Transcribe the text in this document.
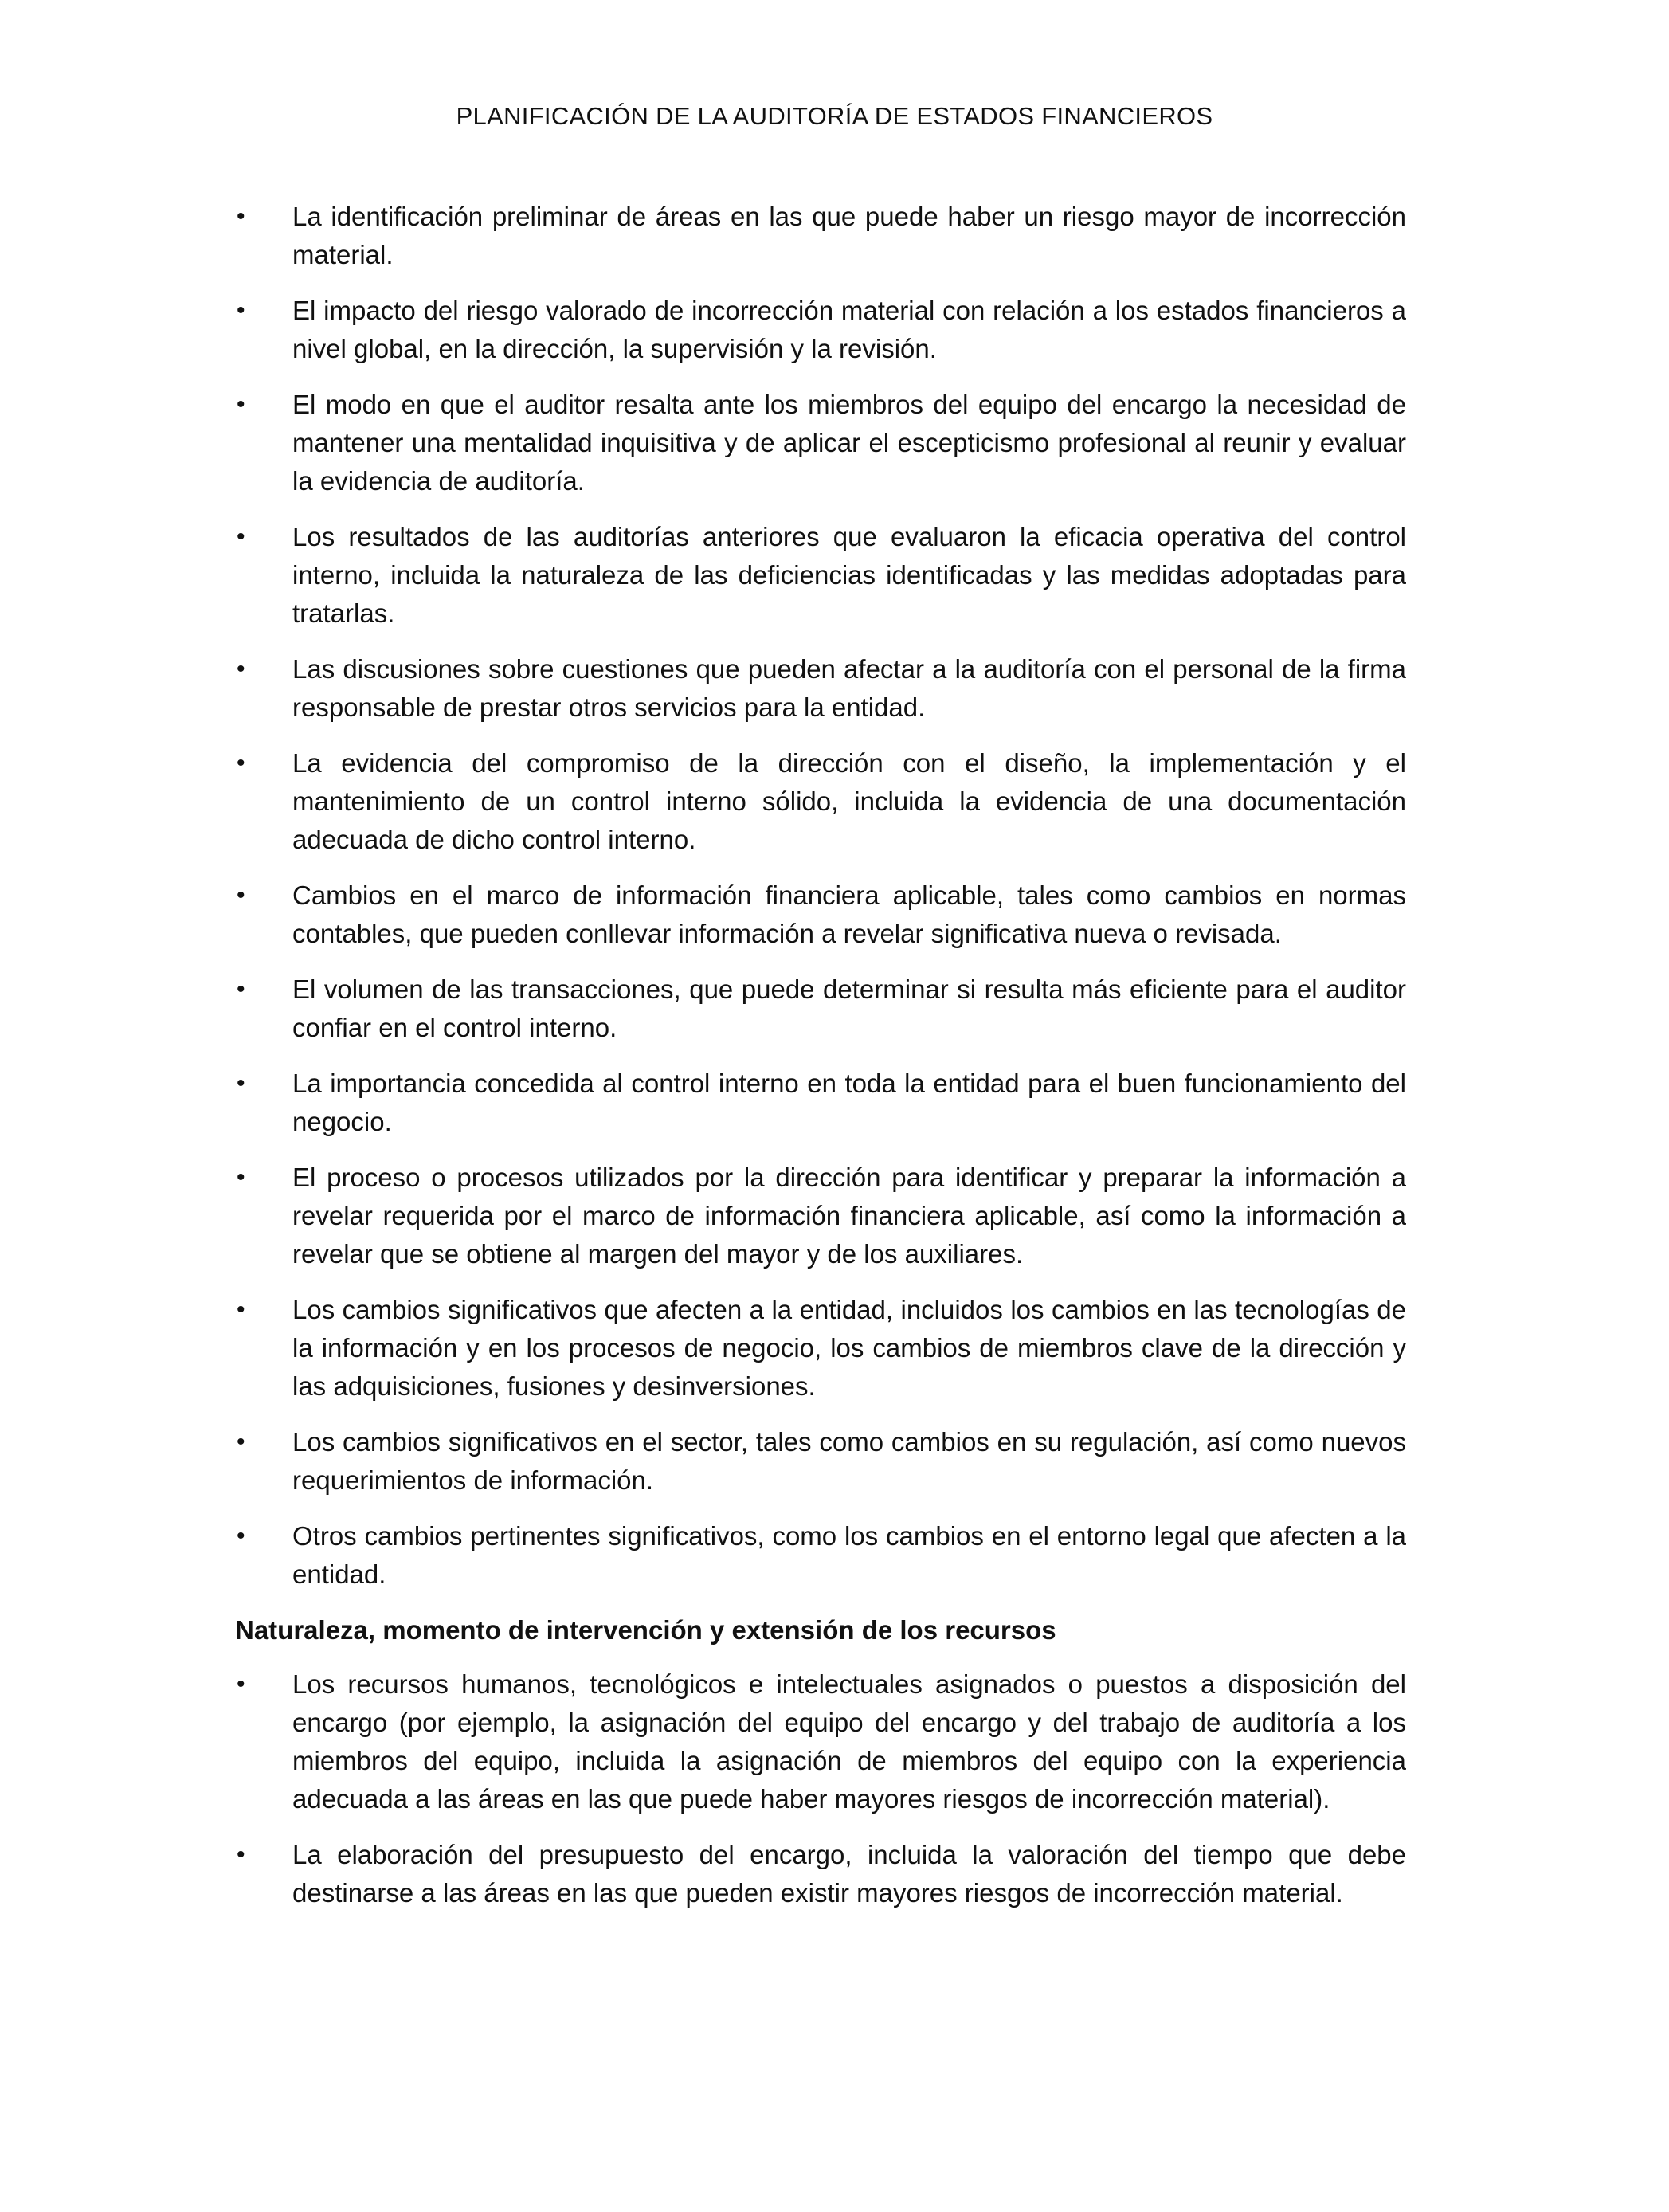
PLANIFICACIÓN DE LA AUDITORÍA DE ESTADOS FINANCIEROS
•	La identificación preliminar de áreas en las que puede haber un riesgo mayor de incorrección material.
•	El impacto del riesgo valorado de incorrección material con relación a los estados financieros a nivel global, en la dirección, la supervisión y la revisión.
•	El modo en que el auditor resalta ante los miembros del equipo del encargo la necesidad de mantener una mentalidad inquisitiva y de aplicar el escepticismo profesional al reunir y evaluar la evidencia de auditoría.
•	Los resultados de las auditorías anteriores que evaluaron la eficacia operativa del control interno, incluida la naturaleza de las deficiencias identificadas y las medidas adoptadas para tratarlas.
•	Las discusiones sobre cuestiones que pueden afectar a la auditoría con el personal de la firma responsable de prestar otros servicios para la entidad.
•	La evidencia del compromiso de la dirección con el diseño, la implementación y el mantenimiento de un control interno sólido, incluida la evidencia de una documentación adecuada de dicho control interno.
•	Cambios en el marco de información financiera aplicable, tales como cambios en normas contables, que pueden conllevar información a revelar significativa nueva o revisada.
•	El volumen de las transacciones, que puede determinar si resulta más eficiente para el auditor confiar en el control interno.
•	La importancia concedida al control interno en toda la entidad para el buen funcionamiento del negocio.
•	El proceso o procesos utilizados por la dirección para identificar y preparar la información a revelar requerida por el marco de información financiera aplicable, así como la información a revelar que se obtiene al margen del mayor y de los auxiliares.
•	Los cambios significativos que afecten a la entidad, incluidos los cambios en las tecnologías de la información y en los procesos de negocio, los cambios de miembros clave de la dirección y las adquisiciones, fusiones y desinversiones.
•	Los cambios significativos en el sector, tales como cambios en su regulación, así como nuevos requerimientos de información.
•	Otros cambios pertinentes significativos, como los cambios en el entorno legal que afecten a la entidad.
Naturaleza, momento de intervención y extensión de los recursos
•	Los recursos humanos, tecnológicos e intelectuales asignados o puestos a disposición del encargo (por ejemplo, la asignación del equipo del encargo y del trabajo de auditoría a los miembros del equipo, incluida la asignación de miembros del equipo con la experiencia adecuada a las áreas en las que puede haber mayores riesgos de incorrección material).
•	La elaboración del presupuesto del encargo, incluida la valoración del tiempo que debe destinarse a las áreas en las que pueden existir mayores riesgos de incorrección material.
